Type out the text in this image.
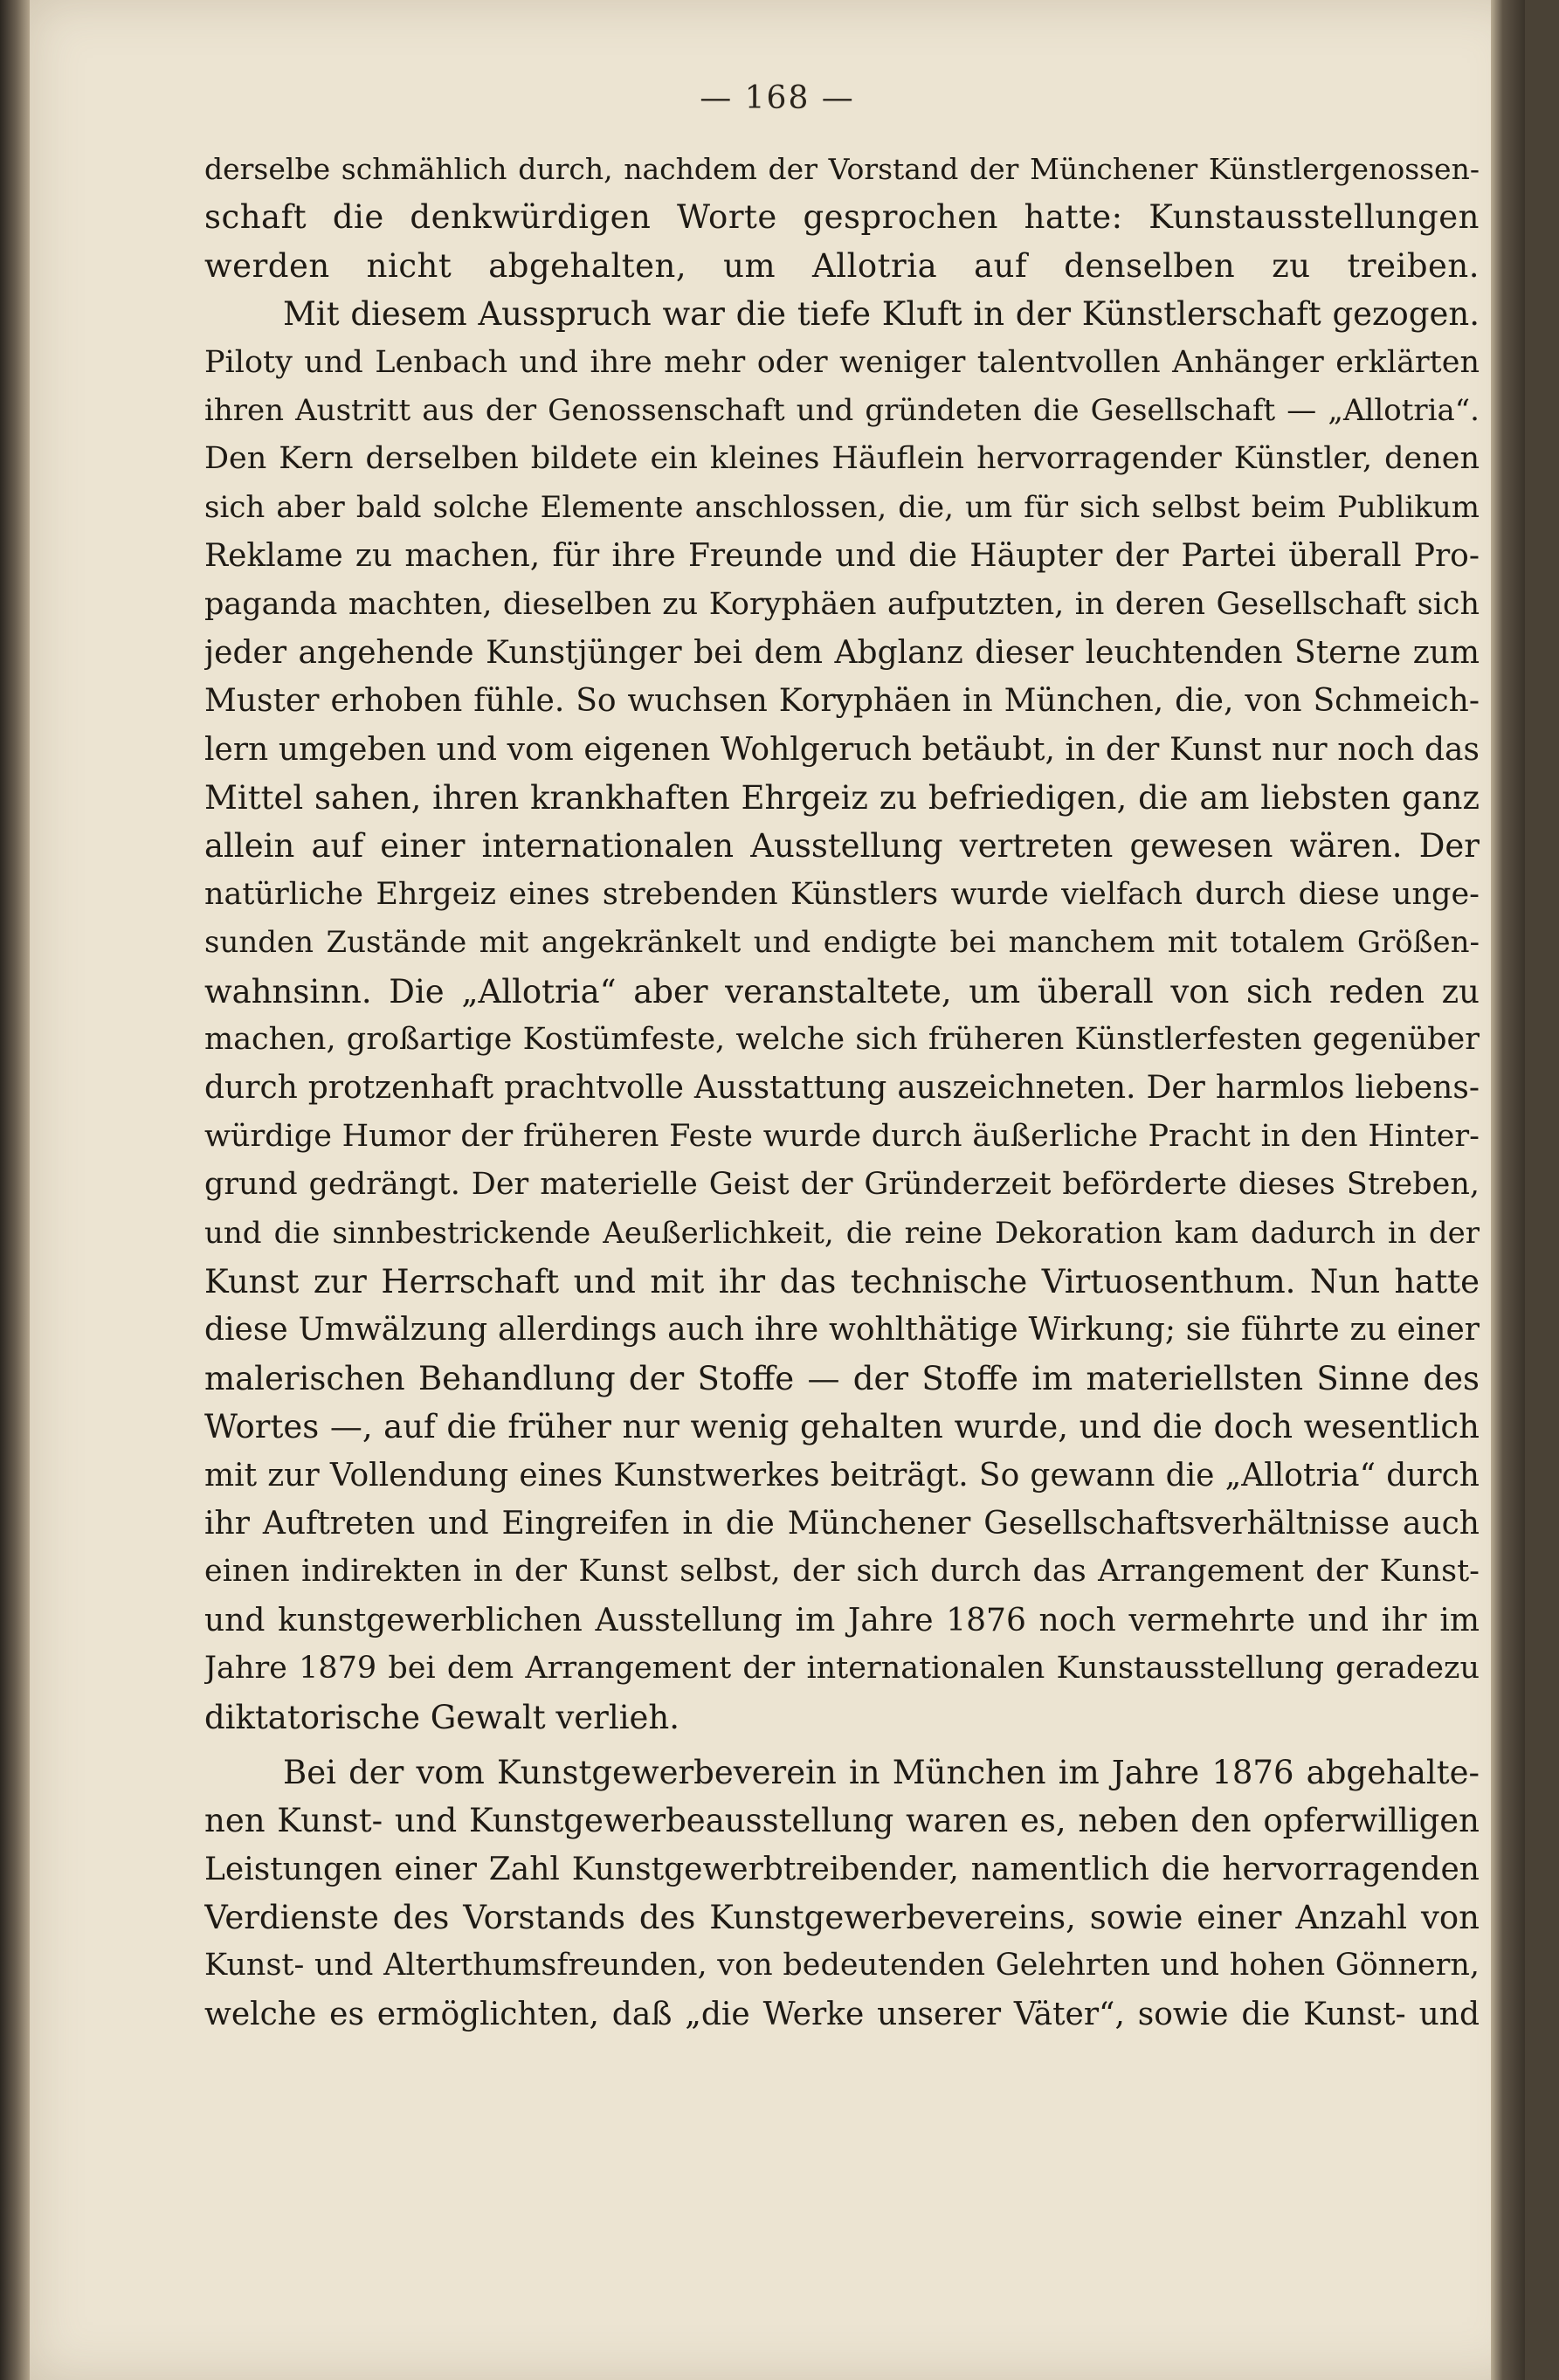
— 168 —
derselbe schmählich durch, nachdem der Vorstand der Münchener Künstlergenossen-
schaft die denkwürdigen Worte gesprochen hatte: Kunstausstellungen
werden nicht abgehalten, um Allotria auf denselben zu treiben.
Mit diesem Ausspruch war die tiefe Kluft in der Künstlerschaft gezogen.
Piloty und Lenbach und ihre mehr oder weniger talentvollen Anhänger erklärten
ihren Austritt aus der Genossenschaft und gründeten die Gesellschaft — „Allotria“.
Den Kern derselben bildete ein kleines Häuflein hervorragender Künstler, denen
sich aber bald solche Elemente anschlossen, die, um für sich selbst beim Publikum
Reklame zu machen, für ihre Freunde und die Häupter der Partei überall Pro-
paganda machten, dieselben zu Koryphäen aufputzten, in deren Gesellschaft sich
jeder angehende Kunstjünger bei dem Abglanz dieser leuchtenden Sterne zum
Muster erhoben fühle. So wuchsen Koryphäen in München, die, von Schmeich-
lern umgeben und vom eigenen Wohlgeruch betäubt, in der Kunst nur noch das
Mittel sahen, ihren krankhaften Ehrgeiz zu befriedigen, die am liebsten ganz
allein auf einer internationalen Ausstellung vertreten gewesen wären. Der
natürliche Ehrgeiz eines strebenden Künstlers wurde vielfach durch diese unge-
sunden Zustände mit angekränkelt und endigte bei manchem mit totalem Größen-
wahnsinn. Die „Allotria“ aber veranstaltete, um überall von sich reden zu
machen, großartige Kostümfeste, welche sich früheren Künstlerfesten gegenüber
durch protzenhaft prachtvolle Ausstattung auszeichneten. Der harmlos liebens-
würdige Humor der früheren Feste wurde durch äußerliche Pracht in den Hinter-
grund gedrängt. Der materielle Geist der Gründerzeit beförderte dieses Streben,
und die sinnbestrickende Aeußerlichkeit, die reine Dekoration kam dadurch in der
Kunst zur Herrschaft und mit ihr das technische Virtuosenthum. Nun hatte
diese Umwälzung allerdings auch ihre wohlthätige Wirkung; sie führte zu einer
malerischen Behandlung der Stoffe — der Stoffe im materiellsten Sinne des
Wortes —, auf die früher nur wenig gehalten wurde, und die doch wesentlich
mit zur Vollendung eines Kunstwerkes beiträgt. So gewann die „Allotria“ durch
ihr Auftreten und Eingreifen in die Münchener Gesellschaftsverhältnisse auch
einen indirekten in der Kunst selbst, der sich durch das Arrangement der Kunst-
und kunstgewerblichen Ausstellung im Jahre 1876 noch vermehrte und ihr im
Jahre 1879 bei dem Arrangement der internationalen Kunstausstellung geradezu
diktatorische Gewalt verlieh.
Bei der vom Kunstgewerbeverein in München im Jahre 1876 abgehalte-
nen Kunst- und Kunstgewerbeausstellung waren es, neben den opferwilligen
Leistungen einer Zahl Kunstgewerbtreibender, namentlich die hervorragenden
Verdienste des Vorstands des Kunstgewerbevereins, sowie einer Anzahl von
Kunst- und Alterthumsfreunden, von bedeutenden Gelehrten und hohen Gönnern,
welche es ermöglichten, daß „die Werke unserer Väter“, sowie die Kunst- und
